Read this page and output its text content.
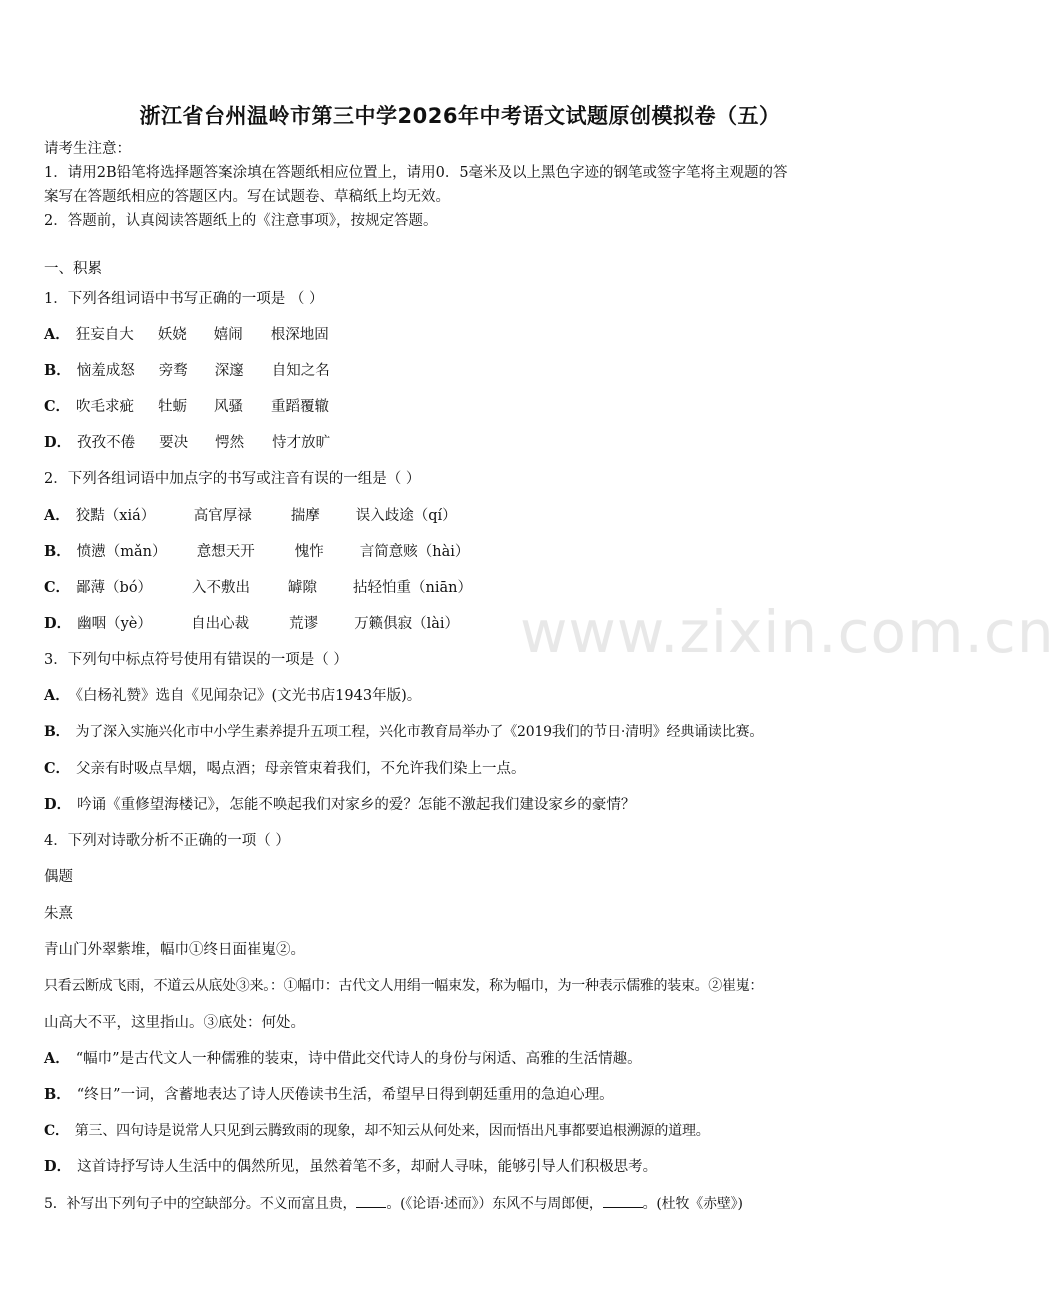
浙江省台州温岭市第三中学2026年中考语文试题原创模拟卷（五）
请考生注意：
1．请用2B铅笔将选择题答案涂填在答题纸相应位置上，请用0．5毫米及以上黑色字迹的钢笔或签字笔将主观题的答
案写在答题纸相应的答题区内。写在试题卷、草稿纸上均无效。
2．答题前，认真阅读答题纸上的《注意事项》，按规定答题。
一、积累
1．下列各组词语中书写正确的一项是 （ ）
A． 狂妄自大 妖娆 嬉闹 根深地固
B． 恼羞成怒 旁骛 深邃 自知之名
C． 吹毛求疵 牡蛎 风骚 重蹈覆辙
D． 孜孜不倦 要决 愕然 恃才放旷
2．下列各组词语中加点字的书写或注音有误的一组是（ ）
A． 狡黠（xiá）	高官厚禄	揣摩 误入歧途（qí）
B． 愤懑（mǎn） 意想天开	愧怍 言简意赅（hài）
C． 鄙薄（bó）	入不敷出	罅隙 拈轻怕重（niān）
D． 幽咽（yè）	自出心裁	荒谬 万籁俱寂（lài）
3．下列句中标点符号使用有错误的一项是（ ）
A． 《白杨礼赞》选自《见闻杂记》(文光书店1943年版)。
B． 为了深入实施兴化市中小学生素养提升五项工程，兴化市教育局举办了《2019我们的节日·清明》经典诵读比赛。
C． 父亲有时吸点旱烟，喝点酒；母亲管束着我们，不允许我们染上一点。
D． 吟诵《重修望海楼记》，怎能不唤起我们对家乡的爱？怎能不激起我们建设家乡的豪情？
4．下列对诗歌分析不正确的一项（ ）
偶题
朱熹
青山门外翠紫堆，幅巾①终日面崔嵬②。
只看云断成飞雨，不道云从底处③来。：①幅巾：古代文人用绢一幅束发，称为幅巾，为一种表示儒雅的装束。②崔嵬：
山高大不平，这里指山。③底处：何处。
A． “幅巾”是古代文人一种儒雅的装束，诗中借此交代诗人的身份与闲适、高雅的生活情趣。
B． “终日”一词，含蓄地表达了诗人厌倦读书生活，希望早日得到朝廷重用的急迫心理。
C． 第三、四句诗是说常人只见到云腾致雨的现象，却不知云从何处来，因而悟出凡事都要追根溯源的道理。
D． 这首诗抒写诗人生活中的偶然所见，虽然着笔不多，却耐人寻味，能够引导人们积极思考。
5．补写出下列句子中的空缺部分。不义而富且贵， 。(《论语·述而》）东风不与周郎便，	。(杜牧《赤壁》)
www.zixin.com.cn
